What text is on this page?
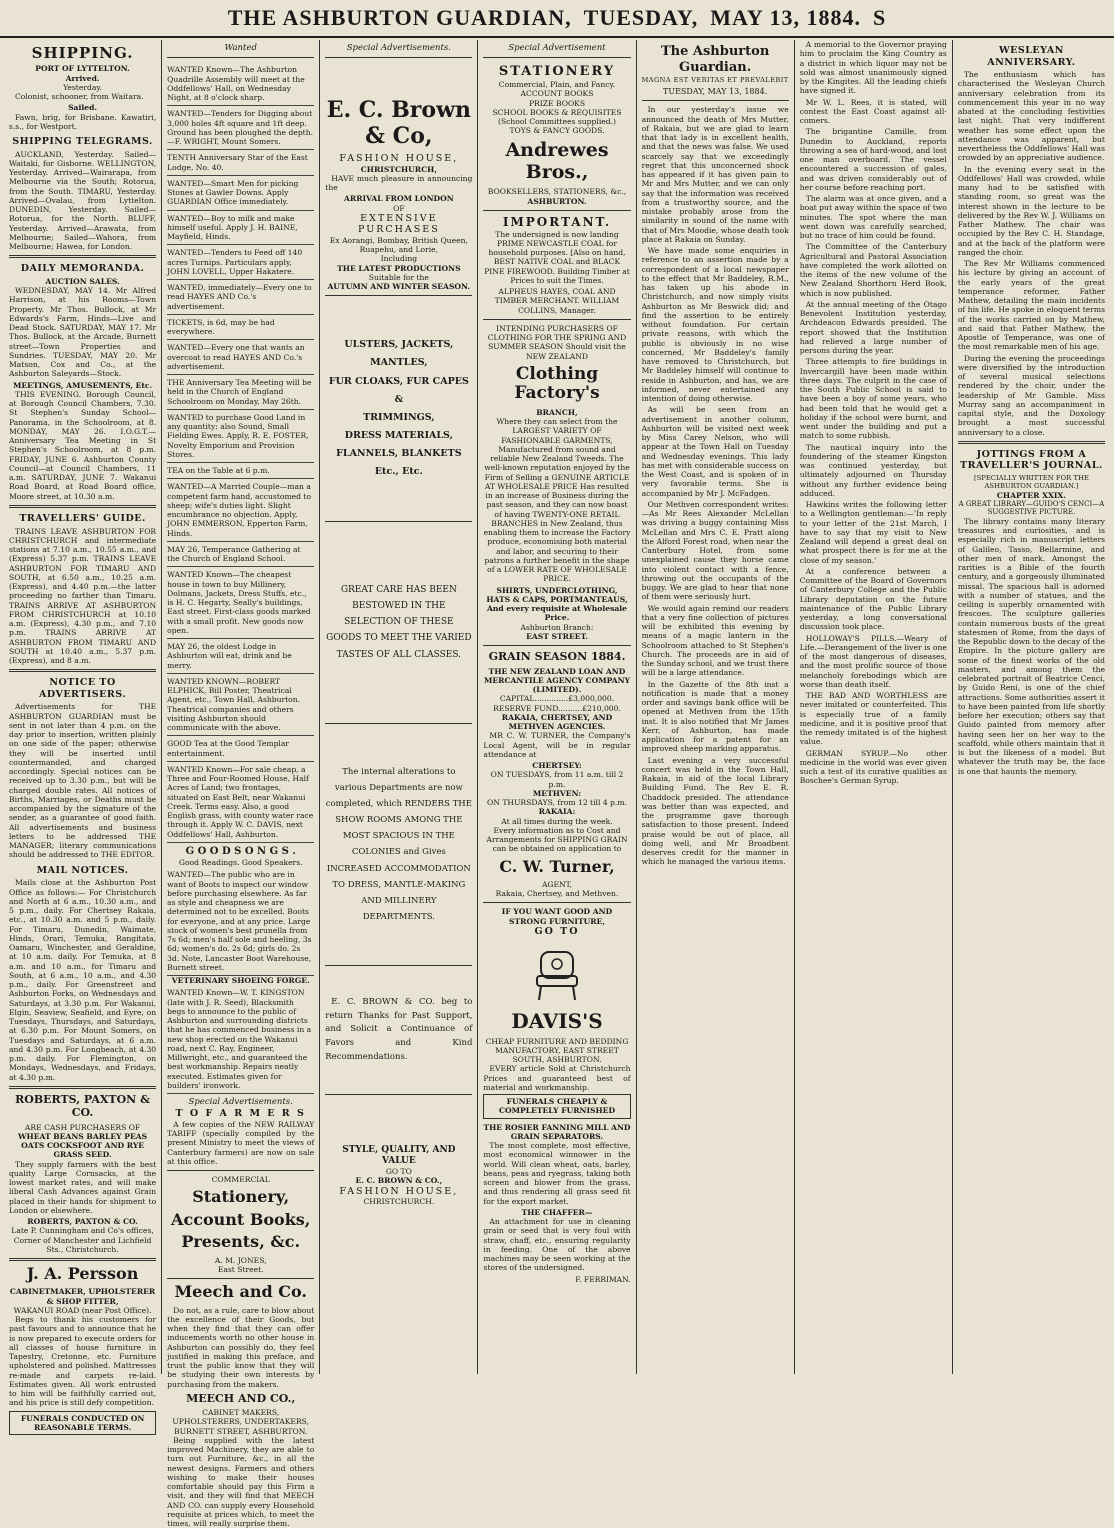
THE ASHBURTON GUARDIAN, TUESDAY, MAY 13, 1884. S
SHIPPING.
PORT OF LYTTELTON.
Arrived.
Yesterday.

Colonist, schooner, from Waitara.

Sailed.

Fawn, brig, for Brisbane. Kawatiri, s.s., for Westport.

SHIPPING TELEGRAMS.

AUCKLAND, Yesterday. Sailed—Waitaki, for Gisborne. WELLINGTON, Yesterday. Arrived—Wairarapa, from Melbourne via the South; Rotorua, from the South. TIMARU, Yesterday. Arrived—Ovalau, from Lyttelton. DUNEDIN, Yesterday. Sailed—Rotorua, for the North. BLUFF, Yesterday. Arrived—Arawata, from Melbourne; Sailed—Wahora, from Melbourne; Hawea, for London.

DAILY MEMORANDA.
AUCTION SALES.

WEDNESDAY, MAY 14. Mr Alfred Harrison, at his Rooms—Town Property. Mr Thos. Bullock, at Mr Edwards's Farm, Hinds—Live and Dead Stock. SATURDAY, MAY 17. Mr Thos. Bullock, at the Arcade, Burnett street—Town Properties and Sundries. TUESDAY, MAY 20. Mr Matson, Cox and Co., at the Ashburton Saleyards—Stock.

MEETINGS, AMUSEMENTS, Etc.

THIS EVENING. Borough Council, at Borough Council Chambers, 7.30. St Stephen's Sunday School—Panorama, in the Schoolroom, at 8. MONDAY, MAY 26. I.O.G.T.—Anniversary Tea Meeting in St Stephen's Schoolroom, at 8 p.m. FRIDAY, JUNE 6. Ashburton County Council—at Council Chambers, 11 a.m. SATURDAY, JUNE 7. Wakanui Road Board, at Road Board office, Moore street, at 10.30 a.m.

TRAVELLERS' GUIDE.

TRAINS LEAVE ASHBURTON FOR CHRISTCHURCH and intermediate stations at 7.10 a.m., 10.55 a.m., and (Express) 5.37 p.m. TRAINS LEAVE ASHBURTON FOR TIMARU AND SOUTH, at 6.50 a.m., 10.25 a.m. (Express), and 4.40 p.m.—the latter proceeding no farther than Timaru. TRAINS ARRIVE AT ASHBURTON FROM CHRISTCHURCH at 10.10 a.m. (Express), 4.30 p.m., and 7.10 p.m. TRAINS ARRIVE AT ASHBURTON FROM TIMARU AND SOUTH at 10.40 a.m., 5.37 p.m. (Express), and 8 a.m.

NOTICE TO ADVERTISERS.

Advertisements for THE ASHBURTON GUARDIAN must be sent in not later than 4 p.m. on the day prior to insertion, written plainly on one side of the paper; otherwise they will be inserted until countermanded, and charged accordingly. Special notices can be received up to 3.30 p.m., but will be charged double rates. All notices of Births, Marriages, or Deaths must be accompanied by the signature of the sender, as a guarantee of good faith. All advertisements and business letters to be addressed THE MANAGER; literary communications should be addressed to THE EDITOR.

MAIL NOTICES.

Mails close at the Ashburton Post Office as follows:— For Christchurch and North at 6 a.m., 10.30 a.m., and 5 p.m., daily. For Chertsey Rakaia, etc., at 10.30 a.m. and 5 p.m., daily. For Timaru, Dunedin, Waimate, Hinds, Orari, Temuka, Rangitata, Oamaru, Winchester, and Geraldine, at 10 a.m. daily. For Temuka, at 8 a.m. and 10 a.m., for Timaru and South, at 6 a.m., 10 a.m., and 4.30 p.m., daily. For Greenstreet and Ashburton Forks, on Wednesdays and Saturdays, at 3.30 p.m. For Wakanui, Elgin, Seaview, Seafield, and Eyre, on Tuesdays, Thursdays, and Saturdays, at 6.30 p.m. For Mount Somers, on Tuesdays and Saturdays, at 6 a.m. and 4.30 p.m. For Longbeach, at 4.30 p.m. daily. For Flemington, on Mondays, Wednesdays, and Fridays, at 4.30 p.m.

ROBERTS, PAXTON & CO.
ARE CASH PURCHASERS OF
WHEAT BEANS BARLEY PEAS OATS COCKSFOOT AND RYE GRASS SEED.

They supply farmers with the best quality Large Cornsacks, at the lowest market rates, and will make liberal Cash Advances against Grain placed in their hands for shipment to London or elsewhere.

ROBERTS, PAXTON & CO.
Late P. Cunningham and Co's offices, Corner of Manchester and Lichfield Sts., Christchurch.
J. A. Persson
CABINETMAKER, UPHOLSTERER & SHOP FITTER,
WAKANUI ROAD (near Post Office).

Begs to thank his customers for past favours and to announce that he is now prepared to execute orders for all classes of house furniture in Tapestry, Cretonne, etc. Furniture upholstered and polished. Mattresses re-made and carpets re-laid. Estimates given. All work entrusted to him will be faithfully carried out, and his price is still defy competition.

FUNERALS CONDUCTED ON REASONABLE TERMS.
Wanted
WANTED Known—The Ashburton Quadrille Assembly will meet at the Oddfellows' Hall, on Wednesday Night, at 8 o'clock sharp.
WANTED—Tenders for Digging about 3,000 holes 4ft square and 1ft deep. Ground has been ploughed the depth.—F. WRIGHT, Mount Somers.
TENTH Anniversary Star of the East Lodge, No. 40.
WANTED—Smart Men for picking Stones at Gawler Downs. Apply GUARDIAN Office immediately.
WANTED—Boy to milk and make himself useful. Apply J. H. BAINE, Mayfield, Hinds.
WANTED—Tenders to Feed off 140 acres Turnips. Particulars apply, JOHN LOVELL, Upper Hakatere.
WANTED, immediately—Every one to read HAYES AND Co.'s advertisement.
TICKETS, is 6d, may be had everywhere.
WANTED—Every one that wants an overcoat to read HAYES AND Co.'s advertisement.
THE Anniversary Tea Meeting will be held in the Church of England Schoolroom on Monday, May 26th.
WANTED to purchase Good Land in any quantity; also Sound, Small Fielding Ewes. Apply, R. E. FOSTER, Novelty Emporium and Provision Stores.
TEA on the Table at 6 p.m.
WANTED—A Married Couple—man a competent farm hand, accustomed to sheep; wife's duties light. Slight encumbrance no objection. Apply, JOHN EMMERSON, Epperton Farm, Hinds.
MAY 26, Temperance Gathering at the Church of England School.
WANTED Known—The cheapest house in town to buy Millinery, Dolmans, Jackets, Dress Stuffs, etc., is H. C. Hegarty, Seally's buildings, East street. First-class goods marked with a small profit. New goods now open.
MAY 26, the oldest Lodge in Ashburton will eat, drink and be merry.
WANTED KNOWN—ROBERT ELPHICK, Bill Poster, Theatrical Agent, etc., Town Hall, Ashburton. Theatrical companies and others visiting Ashburton should communicate with the above.
GOOD Tea at the Good Templar entertainment.
WANTED Known—For sale cheap, a Three and Four-Roomed House, Half Acres of Land; two frontages, situated on East Belt, near Wakanui Creek. Terms easy. Also, a good English grass, with county water race through it. Apply W. C. DAVIS, next Oddfellows' Hall, Ashburton.
G O O D S O N G S .
Good Readings. Good Speakers.
WANTED—The public who are in want of Boots to inspect our window before purchasing elsewhere. As far as style and cheapness we are determined not to be excelled. Boots for everyone, and at any price. Large stock of women's best prunella from 7s 6d; men's half sole and heeling, 3s 6d; women's do. 2s 6d; girls do. 2s 3d. Note, Lancaster Boot Warehouse, Burnett street.
VETERINARY SHOEING FORGE.
WANTED Known—W. T. KINGSTON (late with J. R. Seed), Blacksmith begs to announce to the public of Ashburton and surrounding districts that he has commenced business in a new shop erected on the Wakanui road, next C. Ray, Engineer, Millwright, etc., and guaranteed the best workmanship. Repairs neatly executed. Estimates given for builders' ironwork.
Special Advertisements.
T O F A R M E R S

A few copies of the NEW RAILWAY TARIFF (specially compiled by the present Ministry to meet the views of Canterbury farmers) are now on sale at this office.

COMMERCIAL
Stationery,
Account Books,
Presents, &c.
A. M. JONES,
East Street.
Meech and Co.

Do not, as a rule, care to blow about the excellence of their Goods, but when they find that they can offer inducements worth no other house in Ashburton can possibly do, they feel justified in making this preface, and trust the public know that they will be studying their own interests by purchasing from the makers.

MEECH AND CO.,
CABINET MAKERS, UPHOLSTERERS, UNDERTAKERS,
BURNETT STREET, ASHBURTON.

Being supplied with the latest improved Machinery, they are able to turn out Furniture, &c., in all the newest designs. Farmers and others wishing to make their houses comfortable should pay this Firm a visit, and they will find that MEECH AND CO. can supply every Household requisite at prices which, to meet the times, will really surprise them.

Special Advertisements.
E. C. Brown & Co,
FASHION HOUSE,
CHRISTCHURCH,

HAVE much pleasure in announcing the

ARRIVAL FROM LONDON
OF
EXTENSIVE PURCHASES
Ex Aorangi, Bombay, British Queen, Ruapehu, and Lorie,
Including
THE LATEST PRODUCTIONS
Suitable for the
AUTUMN AND WINTER SEASON.
ULSTERS, JACKETS, MANTLES,
FUR CLOAKS, FUR CAPES &
TRIMMINGS,
DRESS MATERIALS,
FLANNELS, BLANKETS Etc., Etc.
GREAT CARE HAS BEEN BESTOWED IN THE SELECTION OF THESE GOODS TO MEET THE VARIED TASTES OF ALL CLASSES.
The internal alterations to various Departments are now completed, which RENDERS THE SHOW ROOMS AMONG THE MOST SPACIOUS IN THE COLONIES and Gives INCREASED ACCOMMODATION TO DRESS, MANTLE-MAKING AND MILLINERY DEPARTMENTS.

E. C. BROWN & CO. beg to return Thanks for Past Support, and Solicit a Continuance of Favors and Kind Recommendations.

STYLE, QUALITY, AND VALUE
GO TO
E. C. BROWN & CO.,
FASHION HOUSE,
CHRISTCHURCH.
Special Advertisement
STATIONERY
Commercial, Plain, and Fancy.
ACCOUNT BOOKS
PRIZE BOOKS
SCHOOL BOOKS & REQUISITES
(School Committees supplied.)
TOYS & FANCY GOODS.
Andrewes Bros.,
BOOKSELLERS, STATIONERS, &c.,
ASHBURTON.
IMPORTANT.

The undersigned is now landing PRIME NEWCASTLE COAL for household purposes. [Also on hand, BEST NATIVE COAL and BLACK PINE FIREWOOD. Building Timber at Prices to suit the Times.

ALPHEUS HAYES, COAL AND TIMBER MERCHANT. WILLIAM COLLINS, Manager.

INTENDING PURCHASERS OF CLOTHING FOR THE SPRING AND SUMMER SEASON Should visit the NEW ZEALAND

Clothing Factory's
BRANCH,

Where they can select from the LARGEST VARIETY OF FASHIONABLE GARMENTS, Manufactured from sound and reliable New Zealand Tweeds. The well-known reputation enjoyed by the Firm of Selling a GENUINE ARTICLE AT WHOLESALE PRICE Has resulted in an increase of Business during the past season, and they can now boast of having TWENTY-ONE RETAIL BRANCHES in New Zealand, thus enabling them to increase the Factory produce, economising both material and labor, and securing to their patrons a further benefit in the shape of a LOWER RATE OF WHOLESALE PRICE.

SHIRTS, UNDERCLOTHING, HATS & CAPS, PORTMANTEAUS, And every requisite at Wholesale Price.
Ashburton Branch:
EAST STREET.
GRAIN SEASON 1884.
THE NEW ZEALAND LOAN AND MERCANTILE AGENCY COMPANY (LIMITED).
CAPITAL..............£3,000,000.
RESERVE FUND..........£210,000.
RAKAIA, CHERTSEY, AND METHVEN AGENCIES.

MR C. W. TURNER, the Company's Local Agent, will be in regular attendance at

CHERTSEY:
ON TUESDAYS, from 11 a.m. till 2 p.m.
METHVEN:
ON THURSDAYS, from 12 till 4 p.m.
RAKAIA:
At all times during the week.

Every information as to Cost and Arrangements for SHIPPING GRAIN can be obtained on application to

C. W. Turner,
AGENT,
Rakaia, Chertsey, and Methven.
IF YOU WANT GOOD AND STRONG FURNITURE,
GO TO
DAVIS'S
CHEAP FURNITURE AND BEDDING MANUFACTORY, EAST STREET SOUTH, ASHBURTON.

EVERY article Sold at Christchurch Prices and guaranteed best of material and workmanship.

FUNERALS CHEAPLY & COMPLETELY FURNISHED
THE ROSIER FANNING MILL AND GRAIN SEPARATORS.

The most complete, most effective, most economical winnower in the world. Will clean wheat, oats, barley, beans, peas and ryegrass, taking both screen and blower from the grass, and thus rendering all grass seed fit for the export market.

THE CHAFFER—

An attachment for use in cleaning grain or seed that is very foul with straw, chaff, etc., ensuring regularity in feeding. One of the above machines may be seen working at the stores of the undersigned.

F. FERRIMAN.
The Ashburton Guardian.
MAGNA EST VERITAS ET PREVALEBIT
TUESDAY, MAY 13, 1884.

In our yesterday's issue we announced the death of Mrs Mutter, of Rakaia, but we are glad to learn that that lady is in excellent health, and that the news was false. We used scarcely say that we exceedingly regret that this unconcerned shock has appeared if it has given pain to Mr and Mrs Mutter, and we can only say that the information was received from a trustworthy source, and the mistake probably arose from the similarity in sound of the name with that of Mrs Moodie, whose death took place at Rakaia on Sunday.

We have made some enquiries in reference to an assertion made by a correspondent of a local newspaper to the effect that Mr Baddeley, R.M., has taken up his abode in Christchurch, and now simply visits Ashburton as Mr Beswick did; and find the assertion to be entirely without foundation. For certain private reasons, with which the public is obviously in no wise concerned, Mr Baddeley's family have removed to Christchurch, but Mr Baddeley himself will continue to reside in Ashburton, and has, we are informed, never entertained any intention of doing otherwise.

As will be seen from an advertisement in another column, Ashburton will be visited next week by Miss Carey Nelson, who will appear at the Town Hall on Tuesday and Wednesday evenings. This lady has met with considerable success on the West Coast, and is spoken of in very favorable terms. She is accompanied by Mr J. McFadgen.

Our Methven correspondent writes:—As Mr Rees Alexander McLellan was driving a buggy containing Miss McLellan and Mrs C. E. Pratt along the Alford Forest road, when near the Canterbury Hotel, from some unexplained cause they horse came into violent contact with a fence, throwing out the occupants of the buggy. We are glad to hear that none of them were seriously hurt.

We would again remind our readers that a very fine collection of pictures will be exhibited this evening by means of a magic lantern in the Schoolroom attached to St Stephen's Church. The proceeds are in aid of the Sunday school, and we trust there will be a large attendance.

In the Gazette of the 8th inst a notification is made that a money order and savings bank office will be opened at Methven from the 15th inst. It is also notified that Mr James Kerr, of Ashburton, has made application for a patent for an improved sheep marking apparatus.

Last evening a very successful concert was held in the Town Hall, Rakaia, in aid of the local Library Building Fund. The Rev E. R. Chaddock presided. The attendance was better than was expected, and the programme gave thorough satisfaction to those present. Indeed praise would be out of place, all doing well, and Mr Broadbent deserves credit for the manner in which he managed the various items.

A memorial to the Governor praying him to proclaim the King Country as a district in which liquor may not be sold was almost unanimously signed by the Kingites. All the leading chiefs have signed it.

Mr W. L. Rees, it is stated, will contest the East Coast against all-comers.

The brigantine Camille, from Dunedin to Auckland, reports throwing a sea of hard-wood, and lost one man overboard. The vessel encountered a succession of gales, and was driven considerably out of her course before reaching port.

The alarm was at once given, and a boat put away within the space of two minutes. The spot where the man went down was carefully searched, but no trace of him could be found.

The Committee of the Canterbury Agricultural and Pastoral Association have completed the work allotted on the items of the new volume of the New Zealand Shorthorn Herd Book, which is now published.

At the annual meeting of the Otago Benevolent Institution yesterday, Archdeacon Edwards presided. The report showed that the Institution had relieved a large number of persons during the year.

Three attempts to fire buildings in Invercargill have been made within three days. The culprit in the case of the South Public School is said to have been a boy of some years, who had been told that he would get a holiday if the school were burnt, and went under the building and put a match to some rubbish.

The nautical inquiry into the foundering of the steamer Kingston was continued yesterday, but ultimately adjourned on Thursday without any further evidence being adduced.

Hawkins writes the following letter to a Wellington gentleman:—'In reply to your letter of the 21st March, I have to say that my visit to New Zealand will depend a great deal on what prospect there is for me at the close of my season.'

At a conference between a Committee of the Board of Governors of Canterbury College and the Public Library deputation on the future maintenance of the Public Library yesterday, a long conversational discussion took place.

HOLLOWAY'S PILLS.—Weary of Life.—Derangement of the liver is one of the most dangerous of diseases, and the most prolific source of those melancholy forebodings which are worse than death itself.

THE BAD AND WORTHLESS are never imitated or counterfeited. This is especially true of a family medicine, and it is positive proof that the remedy imitated is of the highest value.

GERMAN SYRUP.—No other medicine in the world was ever given such a test of its curative qualities as Boschee's German Syrup.

WESLEYAN ANNIVERSARY.

The enthusiasm which has characterised the Wesleyan Church anniversary celebration from its commencement this year in no way abated at the concluding festivities last night. That very indifferent weather has some effect upon the attendance was apparent, but nevertheless the Oddfellows' Hall was crowded by an appreciative audience.

In the evening every seat in the Oddfellows' Hall was crowded, while many had to be satisfied with standing room, so great was the interest shown in the lecture to be delivered by the Rev W. J. Williams on Father Mathew. The chair was occupied by the Rev C. H. Standage, and at the back of the platform were ranged the choir.

The Rev Mr Williams commenced his lecture by giving an account of the early years of the great temperance reformer, Father Mathew, detailing the main incidents of his life. He spoke in eloquent terms of the works carried on by Mathew, and said that Father Mathew, the Apostle of Temperance, was one of the most remarkable men of his age.

During the evening the proceedings were diversified by the introduction of several musical selections rendered by the choir, under the leadership of Mr Gamble. Miss Murray sang an accompaniment in capital style, and the Doxology brought a most successful anniversary to a close.

JOTTINGS FROM A TRAVELLER'S JOURNAL.
[SPECIALLY WRITTEN FOR THE ASHBURTON GUARDIAN.]
CHAPTER XXIX.
A GREAT LIBRARY—GUIDO'S CENCI—A SUGGESTIVE PICTURE.

The library contains many literary treasures and curiosities, and is especially rich in manuscript letters of Galileo, Tasso, Bellarmine, and other men of mark. Amongst the rarities is a Bible of the fourth century, and a gorgeously illuminated missal. The spacious hall is adorned with a number of statues, and the ceiling is superbly ornamented with frescoes. The sculpture galleries contain numerous busts of the great statesmen of Rome, from the days of the Republic down to the decay of the Empire. In the picture gallery are some of the finest works of the old masters, and among them the celebrated portrait of Beatrice Cenci, by Guido Reni, is one of the chief attractions. Some authorities assert it to have been painted from life shortly before her execution; others say that Guido painted from memory after having seen her on her way to the scaffold, while others maintain that it is but the likeness of a model. But whatever the truth may be, the face is one that haunts the memory.
